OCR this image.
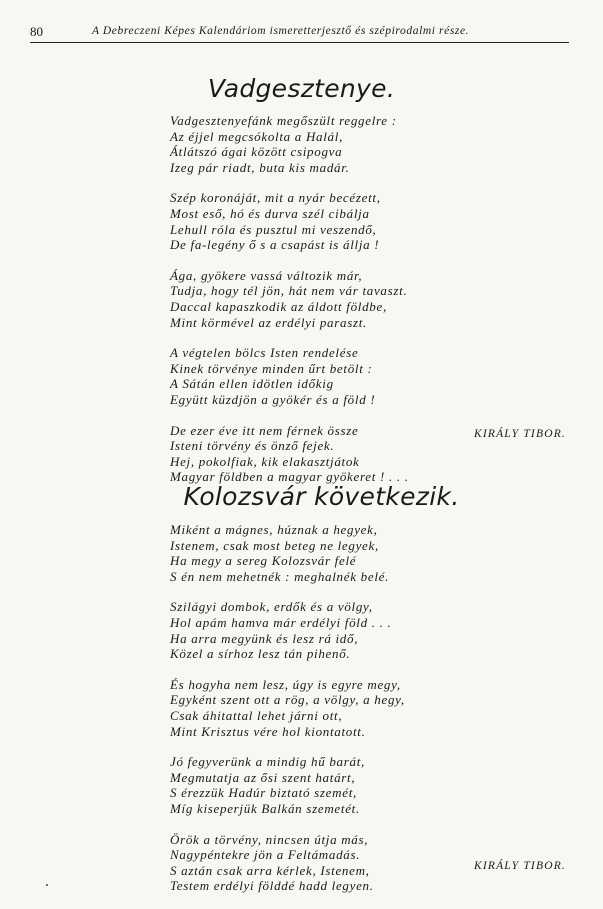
80	A Debreczeni Képes Kalendáriom ismeretterjesztő és szépirodalmi része.
Vadgesztenye.
Vadgesztenyefánk megőszült reggelre :
Az éjjel megcsókolta a Halál,
Átlátszó ágai között csipogva
Izeg pár riadt, buta kis madár.
Szép koronáját, mit a nyár becézett,
Most eső, hó és durva szél cibálja
Lehull róla és pusztul mi veszendő,
De fa-legény ő s a csapást is állja !
Ága, gyökere vassá változik már,
Tudja, hogy tél jön, hát nem vár tavaszt.
Daccal kapaszkodik az áldott földbe,
Mint körmével az erdélyi paraszt.
A végtelen bölcs Isten rendelése
Kinek törvénye minden űrt betölt :
A Sátán ellen idötlen időkig
Együtt küzdjön a gyökér és a föld !
De ezer éve itt nem férnek össze
Isteni törvény és önző fejek.
Hej, pokolfiak, kik elakasztjátok
Magyar földben a magyar gyökeret ! . . .
KIRÁLY TIBOR.
Kolozsvár következik.
Miként a mágnes, húznak a hegyek,
Istenem, csak most beteg ne legyek,
Ha megy a sereg Kolozsvár felé
S én nem mehetnék : meghalnék belé.
Szilágyi dombok, erdők és a völgy,
Hol apám hamva már erdélyi föld . . .
Ha arra megyünk és lesz rá idő,
Közel a sírhoz lesz tán pihenő.
És hogyha nem lesz, úgy is egyre megy,
Egyként szent ott a rög, a völgy, a hegy,
Csak áhitattal lehet járni ott,
Mint Krisztus vére hol kiontatott.
Jó fegyverünk a mindig hű barát,
Megmutatja az ősi szent határt,
S érezzük Hadúr biztató szemét,
Míg kiseperjük Balkán szemetét.
Örök a törvény, nincsen útja más,
Nagypéntekre jön a Feltámadás.
S aztán csak arra kérlek, Istenem,
Testem erdélyi földdé hadd legyen.
KIRÁLY TIBOR.
